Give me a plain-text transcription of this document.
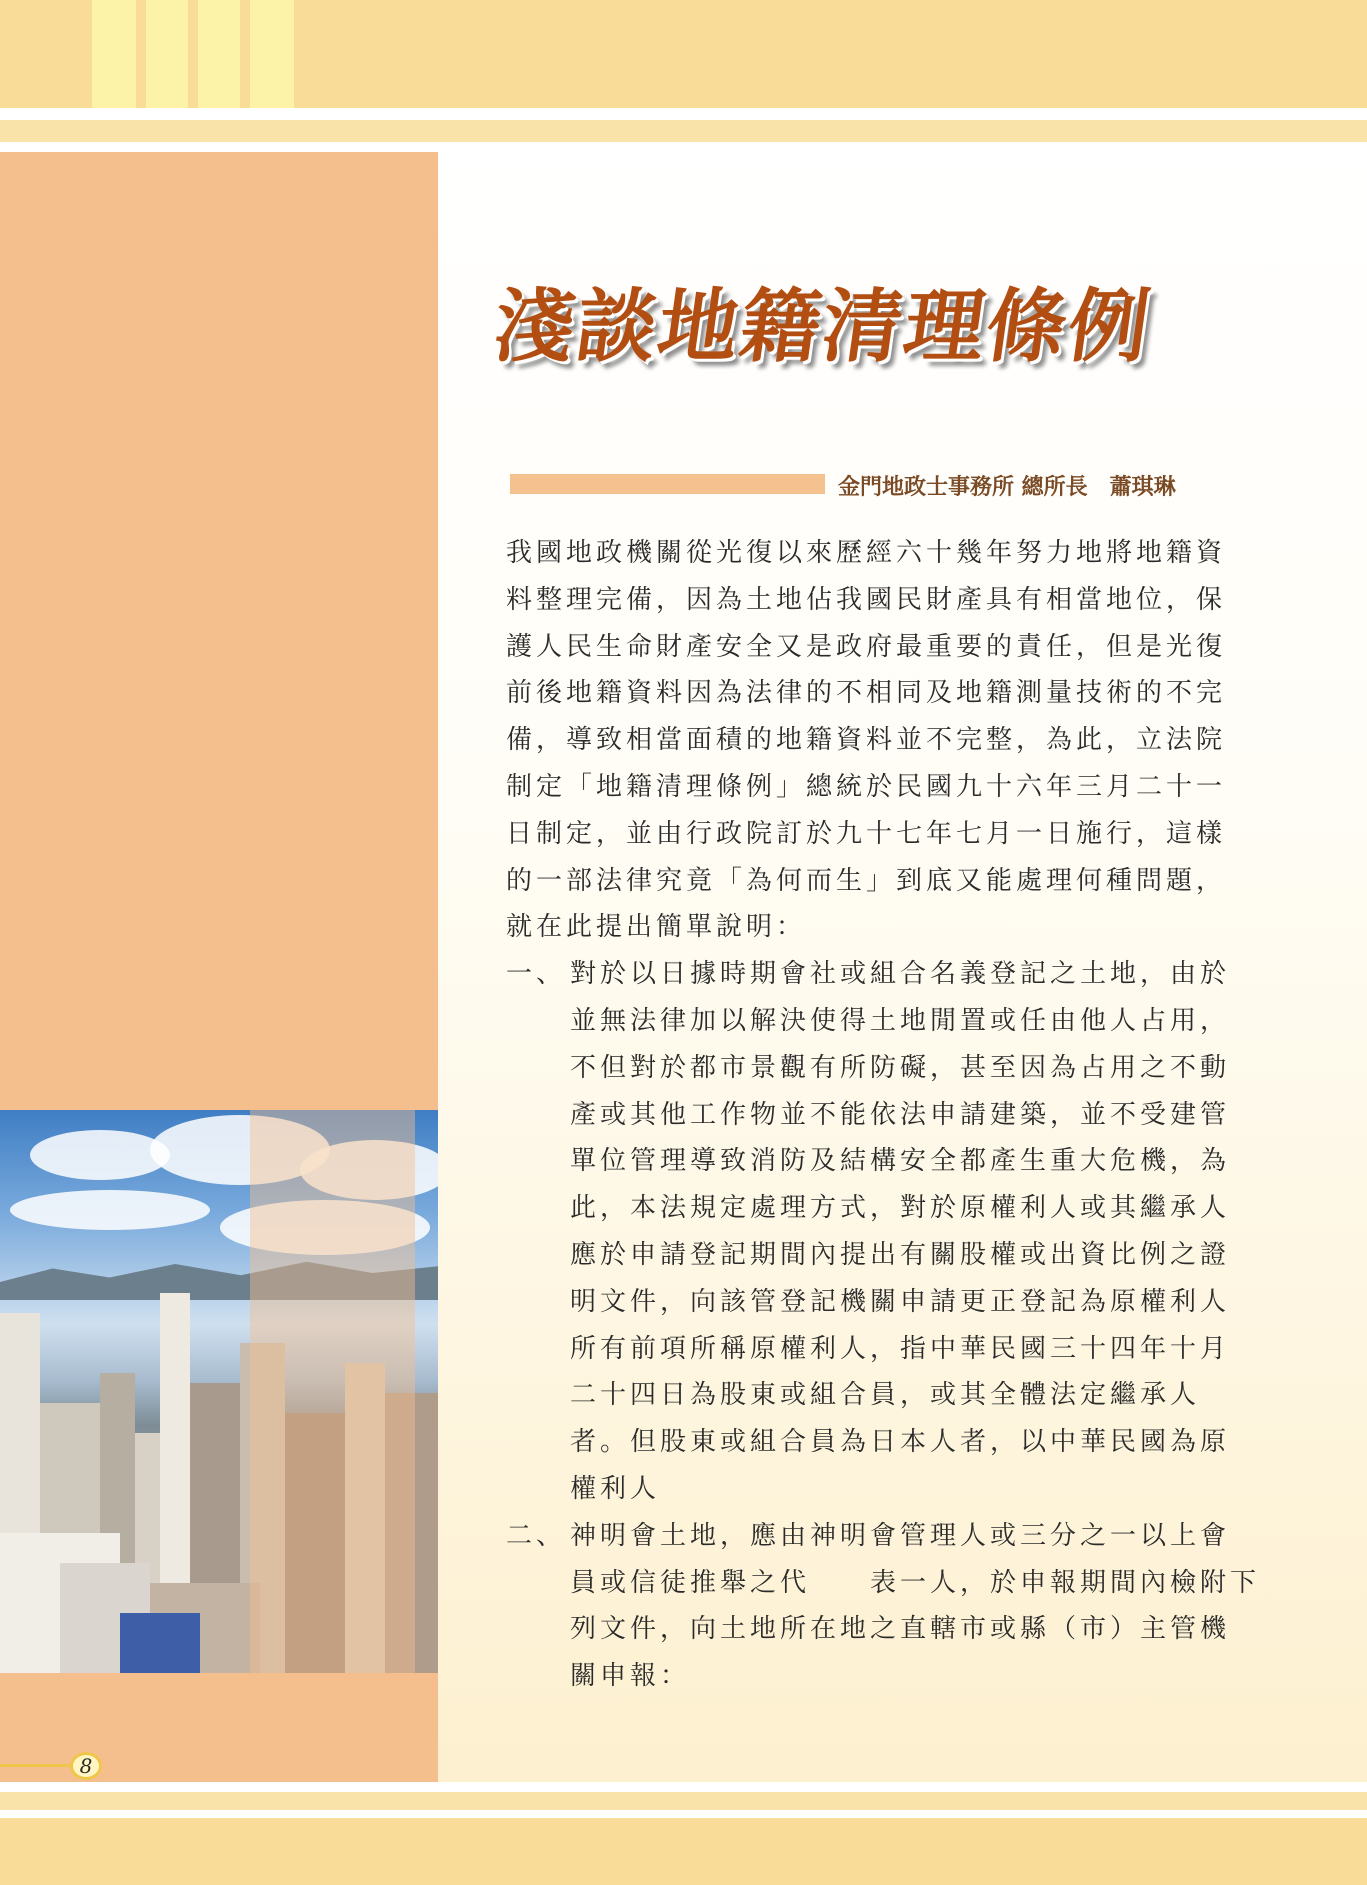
淺談地籍清理條例
金門地政士事務所 總所長　蕭琪琳
我國地政機關從光復以來歷經六十幾年努力地將地籍資
料整理完備，因為土地佔我國民財產具有相當地位，保
護人民生命財產安全又是政府最重要的責任，但是光復
前後地籍資料因為法律的不相同及地籍測量技術的不完
備，導致相當面積的地籍資料並不完整，為此，立法院
制定「地籍清理條例」總統於民國九十六年三月二十一
日制定，並由行政院訂於九十七年七月一日施行，這樣
的一部法律究竟「為何而生」到底又能處理何種問題，
就在此提出簡單說明：
一、 對於以日據時期會社或組合名義登記之土地，由於
並無法律加以解決使得土地閒置或任由他人占用，
不但對於都市景觀有所防礙，甚至因為占用之不動
產或其他工作物並不能依法申請建築，並不受建管
單位管理導致消防及結構安全都產生重大危機，為
此，本法規定處理方式，對於原權利人或其繼承人
應於申請登記期間內提出有關股權或出資比例之證
明文件，向該管登記機關申請更正登記為原權利人
所有前項所稱原權利人，指中華民國三十四年十月
二十四日為股東或組合員，或其全體法定繼承人
者。但股東或組合員為日本人者，以中華民國為原
權利人
二、 神明會土地，應由神明會管理人或三分之一以上會
員或信徒推舉之代　　表一人，於申報期間內檢附下
列文件，向土地所在地之直轄市或縣（市）主管機
關申報：
8
